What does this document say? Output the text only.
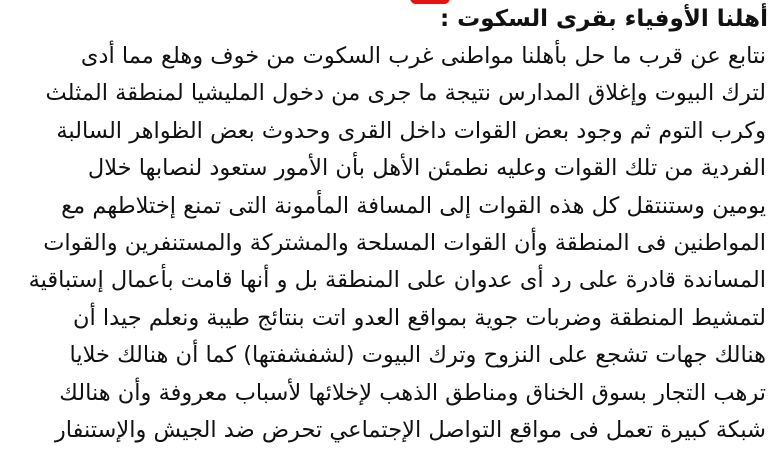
أهلنا الأوفياء بقرى السكوت :
نتابع عن قرب ما حل بأهلنا مواطنى غرب السكوت من خوف وهلع مما أدى
لترك البيوت وإغلاق المدارس نتيجة ما جرى من دخول المليشيا لمنطقة المثلث
وكرب التوم ثم وجود بعض القوات داخل القرى وحدوث بعض الظواهر السالبة
الفردية من تلك القوات وعليه نطمئن الأهل بأن الأمور ستعود لنصابها خلال
يومين وستنتقل كل هذه القوات إلى المسافة المأمونة التى تمنع إختلاطهم مع
المواطنين فى المنطقة وأن القوات المسلحة والمشتركة والمستنفرين والقوات
المساندة قادرة على رد أى عدوان على المنطقة بل و أنها قامت بأعمال إستباقية
لتمشيط المنطقة وضربات جوية بمواقع العدو اتت بنتائج طيبة ونعلم جيدا أن
هنالك جهات تشجع على النزوح وترك البيوت (لشفشفتها) كما أن هنالك خلايا
ترهب التجار بسوق الخناق ومناطق الذهب لإخلائها لأسباب معروفة وأن هنالك
شبكة كبيرة تعمل فى مواقع التواصل الإجتماعي تحرض ضد الجيش والإستنفار
